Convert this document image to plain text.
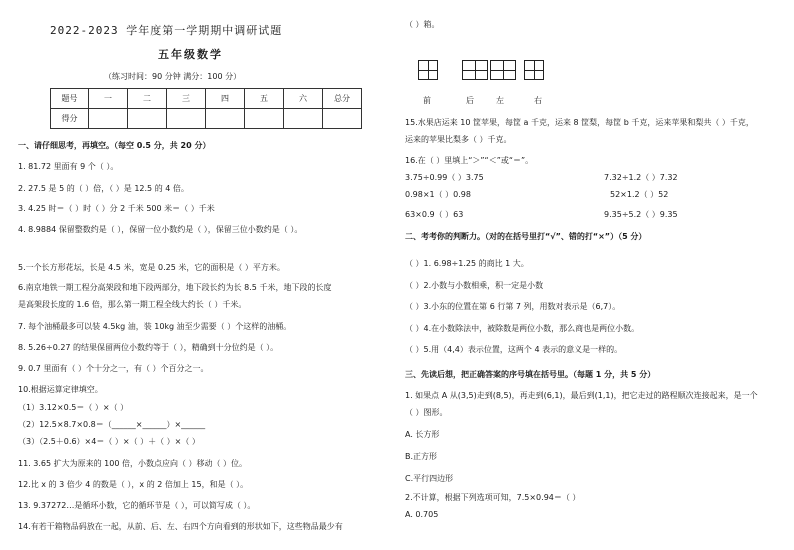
2022-2023 学年度第一学期期中调研试题
五年级数学
（练习时间：90 分钟 满分：100 分）
题号	一	二	三	四	五	六	总分
得分							
一、请仔细思考，再填空。（每空 0.5 分，共 20 分）
1. 81.72 里面有 9 个（ ）。
2. 27.5 是 5 的（ ）倍，（ ）是 12.5 的 4 倍。
3. 4.25 时＝（ ）时（ ）分 2 千米 500 米＝（ ）千米
4. 8.9884 保留整数约是（ ），保留一位小数约是（ ），保留三位小数约是（ ）。
5.一个长方形花坛，长是 4.5 米，宽是 0.25 米，它的面积是（ ）平方米。
6.南京地铁一期工程分高架段和地下段两部分，地下段长约为长 8.5 千米，地下段的长度
是高架段长度的 1.6 倍，那么第一期工程全线大约长（ ）千米。
7. 每个油桶最多可以装 4.5kg 油，装 10kg 油至少需要（ ）个这样的油桶。
8. 5.26÷0.27 的结果保留两位小数约等于（ ），精确到十分位约是（ ）。
9. 0.7 里面有（ ）个十分之一，有（ ）个百分之一。
10.根据运算定律填空。
（1）3.12×0.5＝（ ）×（ ）
（2）12.5×8.7×0.8＝（______×______）×______
（3）（2.5＋0.6）×4＝（ ）×（ ）＋（ ）×（ ）
11. 3.65 扩大为原来的 100 倍，小数点应向（ ）移动（ ）位。
12.比 x 的 3 倍少 4 的数是（ ），x 的 2 倍加上 15，和是（ ）。
13. 9.37272…是循环小数，它的循环节是（ ），可以简写成（ ）。
14.有若干箱物品码放在一起，从前、后、左、右四个方向看到的形状如下，这些物品最少有
（ ）箱。
前	后	左	右
15.水果店运来 10 筐苹果，每筐 a 千克，运来 8 筐梨，每筐 b 千克，运来苹果和梨共（ ）千克，
运来的苹果比梨多（ ）千克。
16.在（ ）里填上“＞”“＜”或“＝”。
3.75÷0.99（ ）3.75	7.32÷1.2（ ）7.32
0.98×1（ ）0.98	52×1.2（ ）52
63×0.9（ ）63	9.35÷5.2（ ）9.35
二、考考你的判断力。（对的在括号里打“√”、错的打“×”）（5 分）
（ ）1. 6.98÷1.25 的商比 1 大。
（ ）2.小数与小数相乘，积一定是小数
（ ）3.小东的位置在第 6 行第 7 列，用数对表示是（6,7）。
（ ）4.在小数除法中，被除数是两位小数，那么商也是两位小数。
（ ）5.用（4,4）表示位置，这两个 4 表示的意义是一样的。
三、先读后想，把正确答案的序号填在括号里。（每题 1 分，共 5 分）
1. 如果点 A 从(3,5)走到(8,5)，再走到(6,1)，最后到(1,1)，把它走过的路程顺次连接起来，是一个
（ ）图形。
A. 长方形
B.正方形
C.平行四边形
2.不计算，根据下列选项可知，7.5×0.94＝（ ）
A. 0.705
